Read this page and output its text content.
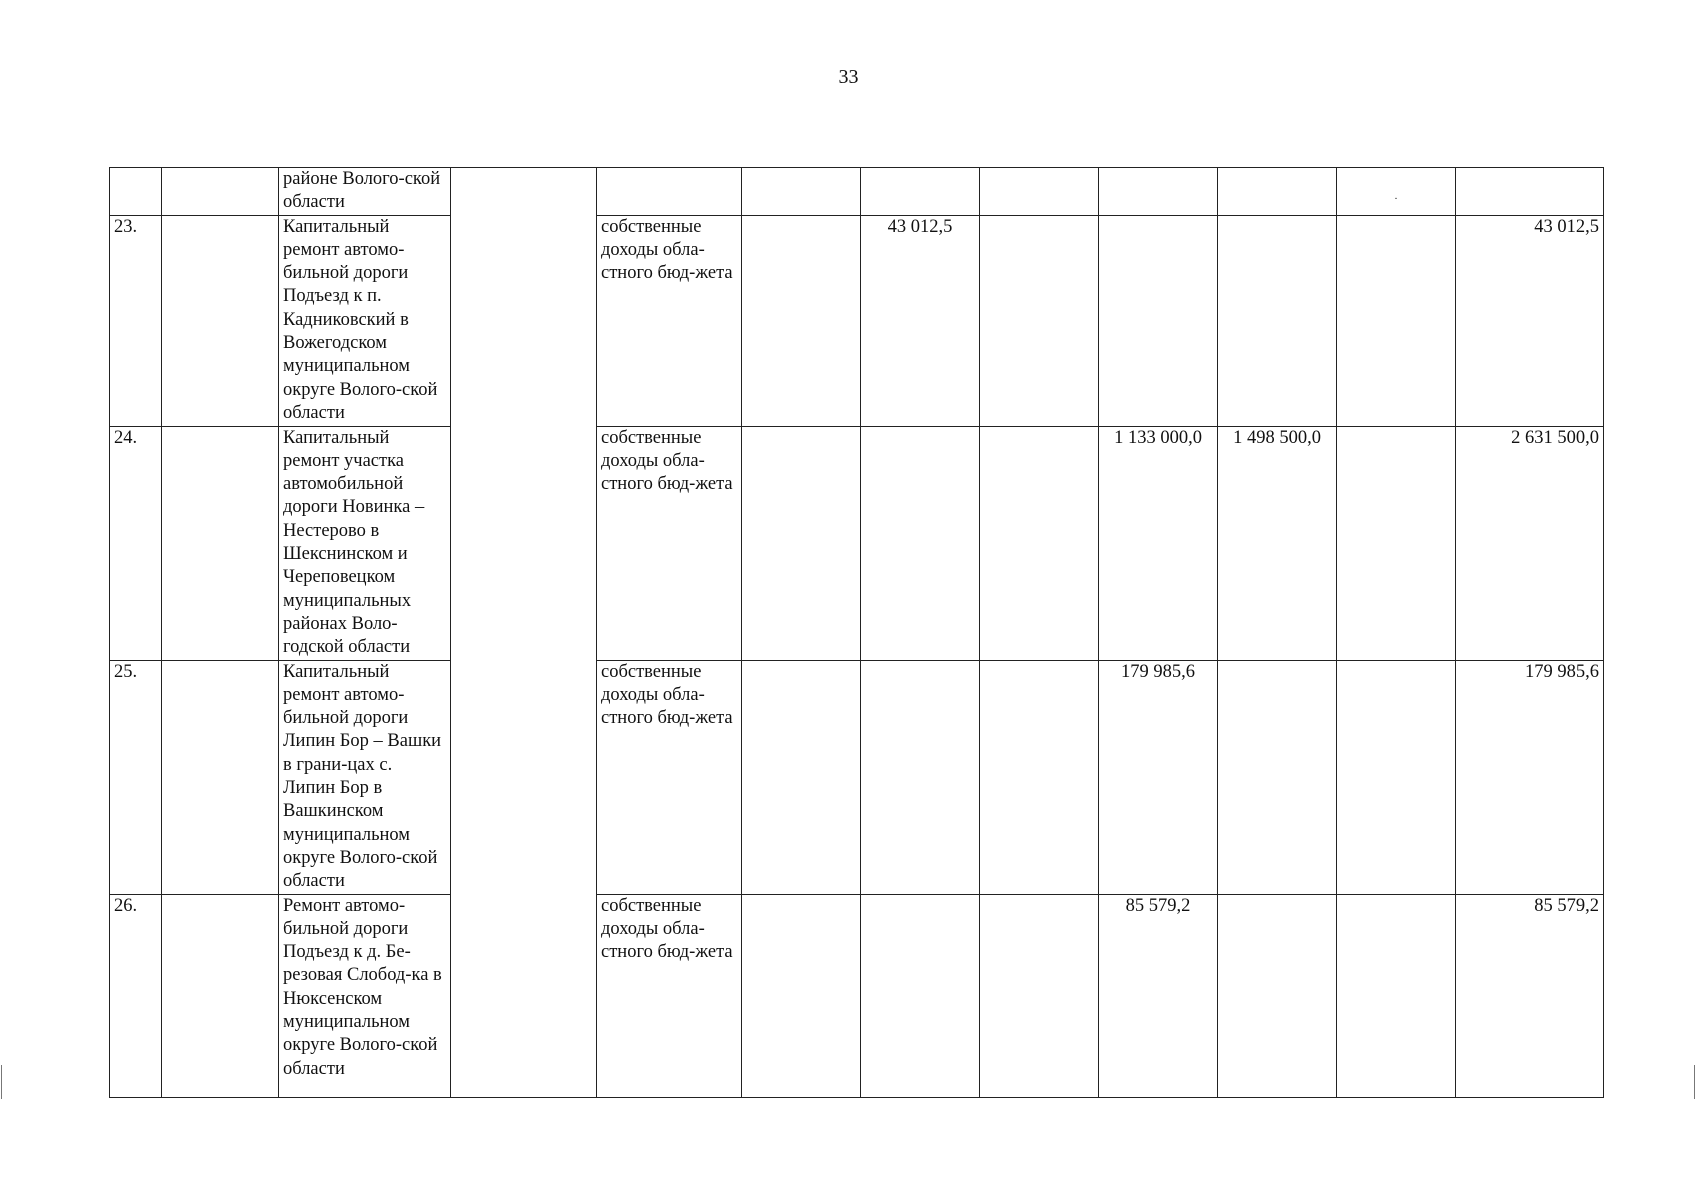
33
		районе Волого-ской области								.	

23.		Капитальный ремонт автомо-бильной дороги Подъезд к п. Кадниковский в Вожегодском муниципальном округе Волого-ской области		собственные доходы обла-стного бюд-жета		43 012,5					43 012,5
24.		Капитальный ремонт участка автомобильной дороги Новинка – Нестерово в Шекснинском и Череповецком муниципальных районах Воло-годской области		собственные доходы обла-стного бюд-жета				1 133 000,0	1 498 500,0		2 631 500,0
25.		Капитальный ремонт автомо-бильной дороги Липин Бор – Вашки в грани-цах с. Липин Бор в Вашкинском муниципальном округе Волого-ской области		собственные доходы обла-стного бюд-жета				179 985,6			179 985,6
26.		Ремонт автомо-бильной дороги Подъезд к д. Бе-резовая Слобод-ка в Нюксенском муниципальном округе Волого-ской области		собственные доходы обла-стного бюд-жета				85 579,2			85 579,2
